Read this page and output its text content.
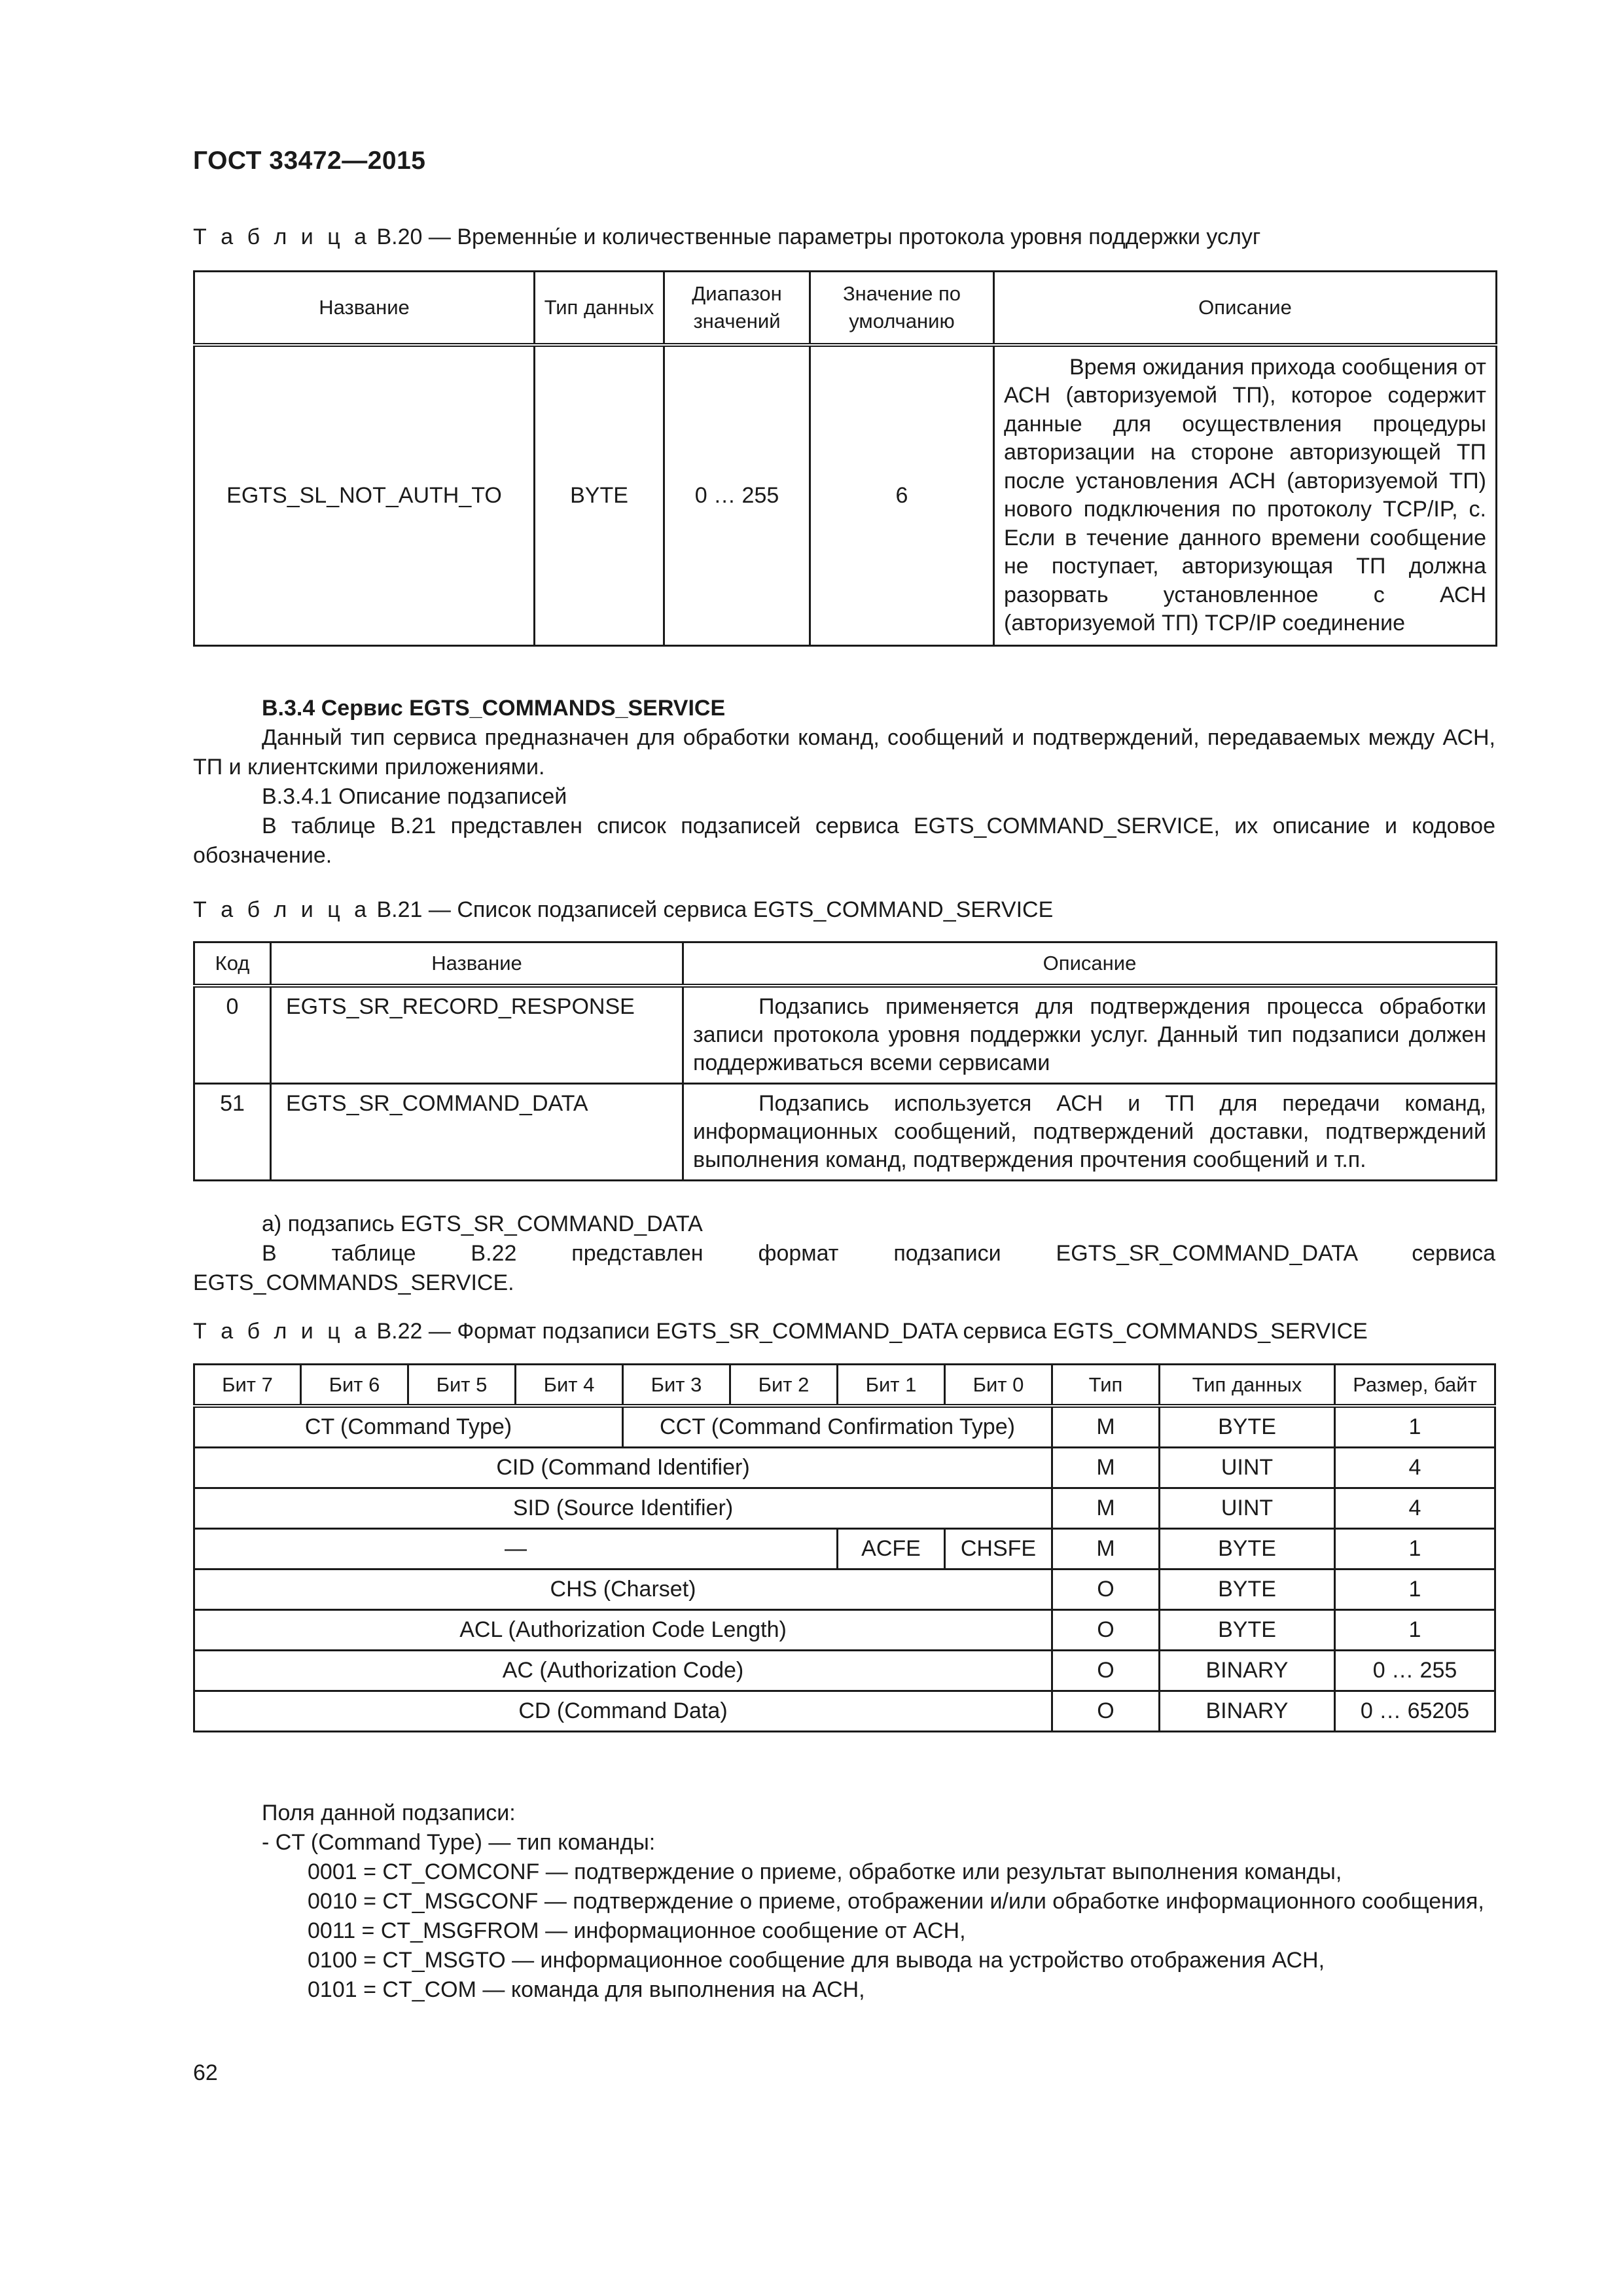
ГОСТ 33472—2015
Т а б л и ц а В.20 — Временны́е и количественные параметры протокола уровня поддержки услуг
Название	Тип данных	Диапазон значений	Значение по умолчанию	Описание
EGTS_SL_NOT_AUTH_TO	BYTE	0 … 255	6	Время ожидания прихода сообщения от АСН (авторизуемой ТП), которое содержит данные для осуществления процедуры авторизации на стороне авторизующей ТП после установления АСН (авторизуемой ТП) нового подключения по протоколу TCP/IP, с. Если в течение данного времени сообщение не поступает, авторизующая ТП должна разорвать установленное с АСН (авторизуемой ТП) TCP/IP соединение

В.3.4 Сервис EGTS_COMMANDS_SERVICE

Данный тип сервиса предназначен для обработки команд, сообщений и подтверждений, передаваемых между АСН, ТП и клиентскими приложениями.

В.3.4.1 Описание подзаписей

В таблице В.21 представлен список подзаписей сервиса EGTS_COMMAND_SERVICE, их описание и кодовое обозначение.

Т а б л и ц а В.21 — Список подзаписей сервиса EGTS_COMMAND_SERVICE
Код	Название	Описание
0	EGTS_SR_RECORD_RESPONSE	Подзапись применяется для подтверждения процесса обработки записи протокола уровня поддержки услуг. Данный тип подзаписи должен поддерживаться всеми сервисами
51	EGTS_SR_COMMAND_DATA	Подзапись используется АСН и ТП для передачи команд, информационных сообщений, подтверждений доставки, подтверждений выполнения команд, подтверждения прочтения сообщений и т.п.

а) подзапись EGTS_SR_COMMAND_DATA

В таблице В.22 представлен формат подзаписи EGTS_SR_COMMAND_DATA сервиса EGTS_COMMANDS_SERVICE.

Т а б л и ц а В.22 — Формат подзаписи EGTS_SR_COMMAND_DATA сервиса EGTS_COMMANDS_SERVICE
Бит 7	Бит 6	Бит 5	Бит 4	Бит 3	Бит 2	Бит 1	Бит 0	Тип	Тип данных	Размер, байт
CT (Command Type)				CCT (Command Confirmation Type)				M	BYTE	1
CID (Command Identifier)								M	UINT	4
SID (Source Identifier)								M	UINT	4
—						ACFE	CHSFE	M	BYTE	1
CHS (Charset)								O	BYTE	1
ACL (Authorization Code Length)								O	BYTE	1
AC (Authorization Code)								O	BINARY	0 … 255
CD (Command Data)								O	BINARY	0 … 65205

Поля данной подзаписи:

- CT (Command Type) — тип команды:

0001 = CT_COMCONF — подтверждение о приеме, обработке или результат выполнения команды,

0010 = CT_MSGCONF — подтверждение о приеме, отображении и/или обработке информационного сообщения,

0011 = CT_MSGFROM — информационное сообщение от АСН,

0100 = CT_MSGTO — информационное сообщение для вывода на устройство отображения АСН,

0101 = CT_COM — команда для выполнения на АСН,

62
